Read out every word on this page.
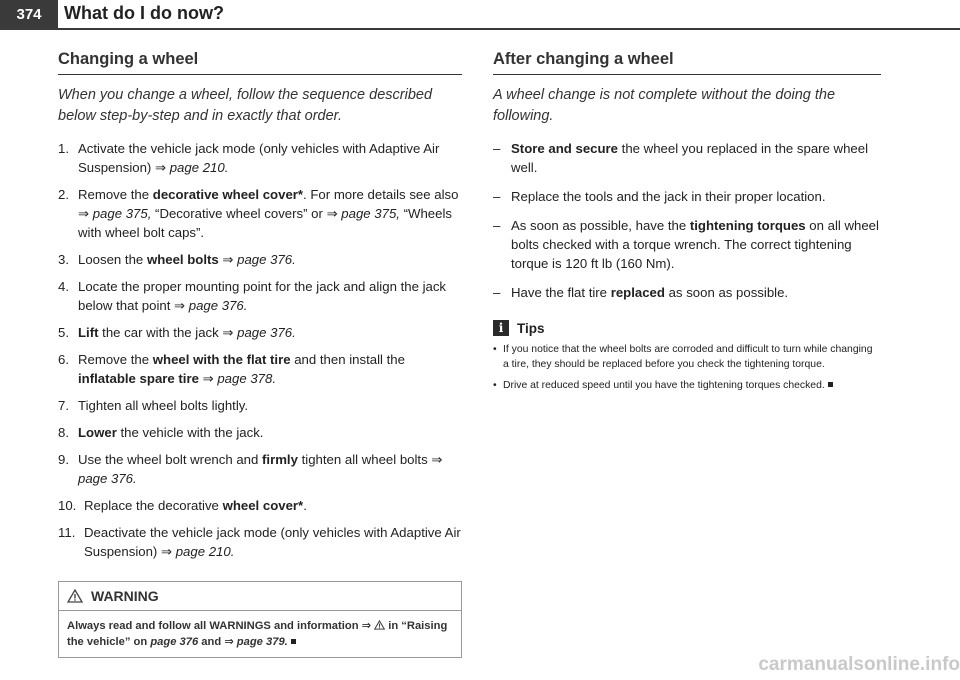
374	What do I do now?
Changing a wheel

When you change a wheel, follow the sequence described below step-by-step and in exactly that order.

1. Activate the vehicle jack mode (only vehicles with Adaptive Air Suspension) ⇒ page 210.
2. Remove the decorative wheel cover*. For more details see also ⇒ page 375, “Decorative wheel covers” or ⇒ page 375, “Wheels with wheel bolt caps”.
3. Loosen the wheel bolts ⇒ page 376.
4. Locate the proper mounting point for the jack and align the jack below that point ⇒ page 376.
5. Lift the car with the jack ⇒ page 376.
6. Remove the wheel with the flat tire and then install the inflatable spare tire ⇒ page 378.
7. Tighten all wheel bolts lightly.
8. Lower the vehicle with the jack.
9. Use the wheel bolt wrench and firmly tighten all wheel bolts ⇒ page 376.
10. Replace the decorative wheel cover*.
11. Deactivate the vehicle jack mode (only vehicles with Adaptive Air Suspension) ⇒ page 210.
WARNING
Always read and follow all WARNINGS and information ⇒  in “Raising the vehicle” on page 376 and ⇒ page 379.
After changing a wheel

A wheel change is not complete without the doing the following.

– Store and secure the wheel you replaced in the spare wheel well.
– Replace the tools and the jack in their proper location.
– As soon as possible, have the tightening torques on all wheel bolts checked with a torque wrench. The correct tightening torque is 120 ft lb (160 Nm).
– Have the flat tire replaced as soon as possible.
i	Tips
• If you notice that the wheel bolts are corroded and difficult to turn while changing a tire, they should be replaced before you check the tightening torque.
• Drive at reduced speed until you have the tightening torques checked.
carmanualsonline.info
